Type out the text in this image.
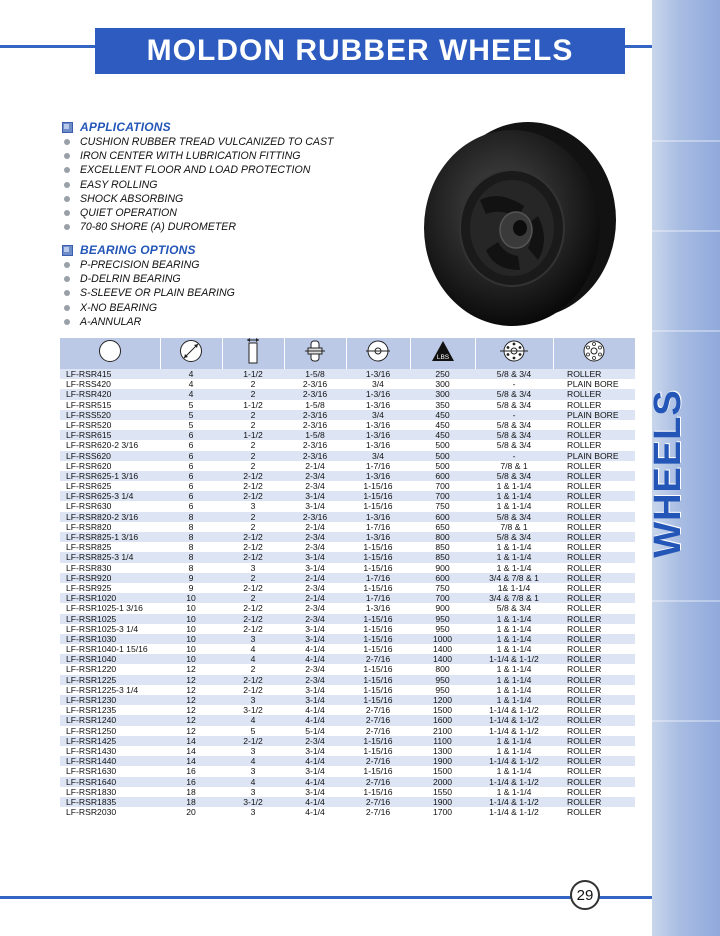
WHEELS
MOLDON RUBBER WHEELS
APPLICATIONS
CUSHION RUBBER TREAD VULCANIZED TO CAST
IRON CENTER WITH LUBRICATION FITTING
EXCELLENT FLOOR AND LOAD PROTECTION
EASY ROLLING
SHOCK ABSORBING
QUIET OPERATION
70-80 SHORE (A) DUROMETER
BEARING OPTIONS
P-PRECISION BEARING
D-DELRIN BEARING
S-SLEEVE OR PLAIN BEARING
X-NO BEARING
A-ANNULAR

LBS

LF-RSR415	4	1-1/2	1-5/8	1-3/16	250	5/8 & 3/4	ROLLER
LF-RSS420	4	2	2-3/16	3/4	300	-	PLAIN BORE
LF-RSR420	4	2	2-3/16	1-3/16	300	5/8 & 3/4	ROLLER
LF-RSR515	5	1-1/2	1-5/8	1-3/16	350	5/8 & 3/4	ROLLER
LF-RSS520	5	2	2-3/16	3/4	450	-	PLAIN BORE
LF-RSR520	5	2	2-3/16	1-3/16	450	5/8 & 3/4	ROLLER
LF-RSR615	6	1-1/2	1-5/8	1-3/16	450	5/8 & 3/4	ROLLER
LF-RSR620-2 3/16	6	2	2-3/16	1-3/16	500	5/8 & 3/4	ROLLER
LF-RSS620	6	2	2-3/16	3/4	500	-	PLAIN BORE
LF-RSR620	6	2	2-1/4	1-7/16	500	7/8 & 1	ROLLER
LF-RSR625-1 3/16	6	2-1/2	2-3/4	1-3/16	600	5/8 & 3/4	ROLLER
LF-RSR625	6	2-1/2	2-3/4	1-15/16	700	1 & 1-1/4	ROLLER
LF-RSR625-3 1/4	6	2-1/2	3-1/4	1-15/16	700	1 & 1-1/4	ROLLER
LF-RSR630	6	3	3-1/4	1-15/16	750	1 & 1-1/4	ROLLER
LF-RSR820-2 3/16	8	2	2-3/16	1-3/16	600	5/8 & 3/4	ROLLER
LF-RSR820	8	2	2-1/4	1-7/16	650	7/8 & 1	ROLLER
LF-RSR825-1 3/16	8	2-1/2	2-3/4	1-3/16	800	5/8 & 3/4	ROLLER
LF-RSR825	8	2-1/2	2-3/4	1-15/16	850	1 & 1-1/4	ROLLER
LF-RSR825-3 1/4	8	2-1/2	3-1/4	1-15/16	850	1 & 1-1/4	ROLLER
LF-RSR830	8	3	3-1/4	1-15/16	900	1 & 1-1/4	ROLLER
LF-RSR920	9	2	2-1/4	1-7/16	600	3/4 & 7/8 & 1	ROLLER
LF-RSR925	9	2-1/2	2-3/4	1-15/16	750	1& 1-1/4	ROLLER
LF-RSR1020	10	2	2-1/4	1-7/16	700	3/4 & 7/8 & 1	ROLLER
LF-RSR1025-1 3/16	10	2-1/2	2-3/4	1-3/16	900	5/8 & 3/4	ROLLER
LF-RSR1025	10	2-1/2	2-3/4	1-15/16	950	1 & 1-1/4	ROLLER
LF-RSR1025-3 1/4	10	2-1/2	3-1/4	1-15/16	950	1 & 1-1/4	ROLLER
LF-RSR1030	10	3	3-1/4	1-15/16	1000	1 & 1-1/4	ROLLER
LF-RSR1040-1 15/16	10	4	4-1/4	1-15/16	1400	1 & 1-1/4	ROLLER
LF-RSR1040	10	4	4-1/4	2-7/16	1400	1-1/4 & 1-1/2	ROLLER
LF-RSR1220	12	2	2-3/4	1-15/16	800	1 & 1-1/4	ROLLER
LF-RSR1225	12	2-1/2	2-3/4	1-15/16	950	1 & 1-1/4	ROLLER
LF-RSR1225-3 1/4	12	2-1/2	3-1/4	1-15/16	950	1 & 1-1/4	ROLLER
LF-RSR1230	12	3	3-1/4	1-15/16	1200	1 & 1-1/4	ROLLER
LF-RSR1235	12	3-1/2	4-1/4	2-7/16	1500	1-1/4 & 1-1/2	ROLLER
LF-RSR1240	12	4	4-1/4	2-7/16	1600	1-1/4 & 1-1/2	ROLLER
LF-RSR1250	12	5	5-1/4	2-7/16	2100	1-1/4 & 1-1/2	ROLLER
LF-RSR1425	14	2-1/2	2-3/4	1-15/16	1100	1 & 1-1/4	ROLLER
LF-RSR1430	14	3	3-1/4	1-15/16	1300	1 & 1-1/4	ROLLER
LF-RSR1440	14	4	4-1/4	2-7/16	1900	1-1/4 & 1-1/2	ROLLER
LF-RSR1630	16	3	3-1/4	1-15/16	1500	1 & 1-1/4	ROLLER
LF-RSR1640	16	4	4-1/4	2-7/16	2000	1-1/4 & 1-1/2	ROLLER
LF-RSR1830	18	3	3-1/4	1-15/16	1550	1 & 1-1/4	ROLLER
LF-RSR1835	18	3-1/2	4-1/4	2-7/16	1900	1-1/4 & 1-1/2	ROLLER
LF-RSR2030	20	3	4-1/4	2-7/16	1700	1-1/4 & 1-1/2	ROLLER
29
